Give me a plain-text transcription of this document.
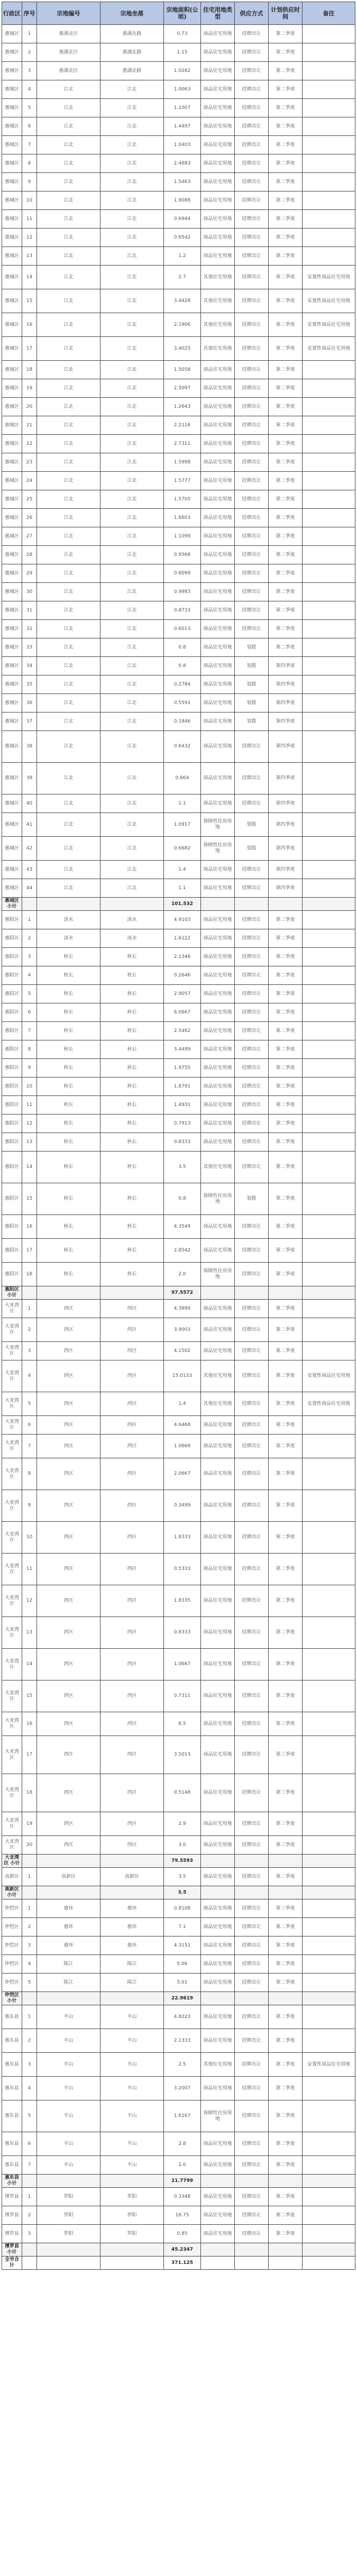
行政区	序号	宗地编号	宗地坐落	宗地面积(公顷)	住宅用地类型	供应方式	计划供应时间	备注
惠城区	1	惠湖北区	惠湖北路	0.73	商品住宅用地	挂牌出让	第二季度	
惠城区	2	惠湖北区	惠湖北路	1.15	商品住宅用地	挂牌出让	第二季度	
惠城区	3	惠湖北区	惠湖北路	1.0282	商品住宅用地	挂牌出让	第二季度	
惠城区	4	江北	江北	1.0063	商品住宅用地	挂牌出让	第二季度	
惠城区	5	江北	江北	1.1007	商品住宅用地	挂牌出让	第二季度	
惠城区	6	江北	江北	1.4497	商品住宅用地	挂牌出让	第二季度	
惠城区	7	江北	江北	1.0403	商品住宅用地	挂牌出让	第二季度	
惠城区	8	江北	江北	2.4683	商品住宅用地	挂牌出让	第二季度	
惠城区	9	江北	江北	1.5463	商品住宅用地	挂牌出让	第二季度	
惠城区	10	江北	江北	1.9088	商品住宅用地	挂牌出让	第二季度	
惠城区	11	江北	江北	0.6944	商品住宅用地	挂牌出让	第二季度	
惠城区	12	江北	江北	0.6542	商品住宅用地	挂牌出让	第二季度	
惠城区	13	江北	江北	1.2	商品住宅用地	挂牌出让	第二季度	
惠城区	14	江北	江北	2.7	其他住宅用地	挂牌出让	第二季度	安置性商品住宅用地
惠城区	15	江北	江北	3.4428	其他住宅用地	挂牌出让	第二季度	安置性商品住宅用地
惠城区	16	江北	江北	2.1906	其他住宅用地	挂牌出让	第二季度	安置性商品住宅用地
惠城区	17	江北	江北	3.4025	其他住宅用地	挂牌出让	第二季度	安置性商品住宅用地
惠城区	18	江北	江北	1.5058	商品住宅用地	挂牌出让	第二季度	
惠城区	19	江北	江北	2.5097	商品住宅用地	挂牌出让	第二季度	
惠城区	20	江北	江北	1.2643	商品住宅用地	挂牌出让	第二季度	
惠城区	21	江北	江北	2.2116	商品住宅用地	挂牌出让	第二季度	
惠城区	22	江北	江北	2.7311	商品住宅用地	挂牌出让	第二季度	
惠城区	23	江北	江北	1.5998	商品住宅用地	挂牌出让	第二季度	
惠城区	24	江北	江北	1.5777	商品住宅用地	挂牌出让	第二季度	
惠城区	25	江北	江北	1.5705	商品住宅用地	挂牌出让	第二季度	
惠城区	26	江北	江北	1.6603	商品住宅用地	挂牌出让	第二季度	
惠城区	27	江北	江北	1.1099	商品住宅用地	挂牌出让	第二季度	
惠城区	28	江北	江北	0.9568	商品住宅用地	挂牌出让	第二季度	
惠城区	29	江北	江北	0.8099	商品住宅用地	挂牌出让	第二季度	
惠城区	30	江北	江北	0.9983	商品住宅用地	挂牌出让	第二季度	
惠城区	31	江北	江北	0.8733	商品住宅用地	挂牌出让	第二季度	
惠城区	32	江北	江北	0.6013	商品住宅用地	挂牌出让	第二季度	
惠城区	33	江北	江北	0.8	商品住宅用地	划拨	第二季度	
惠城区	34	江北	江北	0.8	商品住宅用地	划拨	第四季度	
惠城区	35	江北	江北	0.2784	商品住宅用地	划拨	第四季度	
惠城区	36	江北	江北	0.5591	商品住宅用地	划拨	第四季度	
惠城区	37	江北	江北	0.1846	商品住宅用地	划拨	第四季度	
惠城区	38	江北	江北	0.6432	商品住宅用地	挂牌出让	第四季度	
惠城区	39	江北	江北	0.664	商品住宅用地	挂牌出让	第四季度	
惠城区	40	江北	江北	1.1	商品住宅用地	挂牌出让	第四季度	
惠城区	41	江北	江北	1.0917	保障性住房用地	划拨	第四季度	
惠城区	42	江北	江北	0.6682	保障性住房用地	划拨	第四季度	
惠城区	43	江北	江北	1.4	商品住宅用地	挂牌出让	第四季度	
惠城区	44	江北	江北	1.1	商品住宅用地	挂牌出让	第四季度	
惠城区 小计				101.532				
惠阳区	1	淡水	淡水	4.9103	商品住宅用地	挂牌出让	第二季度	
惠阳区	2	淡水	淡水	1.6122	商品住宅用地	挂牌出让	第二季度	
惠阳区	3	秋长	秋长	2.1346	商品住宅用地	挂牌出让	第二季度	
惠阳区	4	秋长	秋长	0.2646	商品住宅用地	挂牌出让	第二季度	
惠阳区	5	秋长	秋长	2.9057	商品住宅用地	挂牌出让	第二季度	
惠阳区	6	秋长	秋长	6.0667	商品住宅用地	挂牌出让	第二季度	
惠阳区	7	秋长	秋长	2.5462	商品住宅用地	挂牌出让	第二季度	
惠阳区	8	秋长	秋长	3.4499	商品住宅用地	挂牌出让	第二季度	
惠阳区	9	秋长	秋长	1.9755	商品住宅用地	挂牌出让	第二季度	
惠阳区	10	秋长	秋长	1.8791	商品住宅用地	挂牌出让	第二季度	
惠阳区	11	秋长	秋长	1.4931	商品住宅用地	挂牌出让	第二季度	
惠阳区	12	秋长	秋长	0.7913	商品住宅用地	挂牌出让	第二季度	
惠阳区	13	秋长	秋长	0.8333	商品住宅用地	挂牌出让	第二季度	
惠阳区	14	秋长	秋长	3.5	其他住宅用地	挂牌出让	第二季度	
惠阳区	15	秋长	秋长	0.8	保障性住房用地	划拨	第二季度	
惠阳区	16	秋长	秋长	4.3549	商品住宅用地	挂牌出让	第二季度	
惠阳区	17	秋长	秋长	2.8542	商品住宅用地	挂牌出让	第二季度	
惠阳区	18	秋长	秋长	2.0	保障性住房用地	挂牌出让	第二季度	
惠阳区 小计				97.5572				
大亚湾区	1	西区	西区	4.3999	商品住宅用地	挂牌出让	第二季度	
大亚湾区	2	西区	西区	3.9003	商品住宅用地	挂牌出让	第二季度	
大亚湾区	3	西区	西区	4.1502	商品住宅用地	挂牌出让	第二季度	
大亚湾区	4	西区	西区	15.0133	其他住宅用地	挂牌出让	第二季度	安置性商品住宅用地
大亚湾区	5	西区	西区	1.4	其他住宅用地	挂牌出让	第二季度	安置性商品住宅用地
大亚湾区	6	西区	西区	4.6468	商品住宅用地	挂牌出让	第二季度	
大亚湾区	7	西区	西区	1.0668	商品住宅用地	挂牌出让	第二季度	
大亚湾区	8	西区	西区	2.0667	商品住宅用地	挂牌出让	第二季度	
大亚湾区	9	西区	西区	0.3499	商品住宅用地	挂牌出让	第二季度	
大亚湾区	10	西区	西区	1.8333	商品住宅用地	挂牌出让	第二季度	
大亚湾区	11	西区	西区	0.5333	商品住宅用地	挂牌出让	第二季度	
大亚湾区	12	西区	西区	1.8335	商品住宅用地	挂牌出让	第二季度	
大亚湾区	13	西区	西区	0.8333	商品住宅用地	挂牌出让	第二季度	
大亚湾区	14	西区	西区	1.0667	商品住宅用地	挂牌出让	第二季度	
大亚湾区	15	西区	西区	0.7311	商品住宅用地	挂牌出让	第二季度	
大亚湾区	16	西区	西区	6.5	商品住宅用地	挂牌出让	第三季度	
大亚湾区	17	西区	西区	3.5013	商品住宅用地	挂牌出让	第三季度	
大亚湾区	18	西区	西区	0.5148	商品住宅用地	挂牌出让	第三季度	
大亚湾区	19	西区	西区	2.9	商品住宅用地	挂牌出让	第三季度	
大亚湾区	20	西区	西区	3.0	商品住宅用地	挂牌出让	第三季度	
大亚湾区 小计				79.5593				
高新区	1	高新区	高新区	3.5	商品住宅用地	挂牌出让	第二季度	
高新区 小计				3.5				
仲恺区	1	惠环	惠环	0.8108	商品住宅用地	挂牌出让	第三季度	
仲恺区	2	惠环	惠环	7.1	商品住宅用地	挂牌出让	第二季度	
仲恺区	3	惠环	惠环	4.3151	商品住宅用地	挂牌出让	第二季度	
仲恺区	4	陈江	陈江	5.06	商品住宅用地	挂牌出让	第二季度	
仲恺区	5	陈江	陈江	5.01	商品住宅用地	挂牌出让	第二季度	
仲恺区 小计				22.9619				
惠东县	1	平山	平山	4.8223	商品住宅用地	挂牌出让	第二季度	
惠东县	2	平山	平山	2.1333	商品住宅用地	挂牌出让	第二季度	
惠东县	3	平山	平山	2.5	其他住宅用地	挂牌出让	第二季度	安置性商品住宅用地
惠东县	4	平山	平山	3.2007	商品住宅用地	挂牌出让	第二季度	
惠东县	5	平山	平山	1.6167	保障性住房用地	挂牌出让	第二季度	
惠东县	6	平山	平山	2.8	商品住宅用地	挂牌出让	第二季度	
惠东县	7	平山	平山	2.0	商品住宅用地	挂牌出让	第二季度	
惠东县 小计				21.7799				
博罗县	1	罗阳	罗阳	0.3348	商品住宅用地	挂牌出让	第二季度	
博罗县	2	罗阳	罗阳	16.75	商品住宅用地	挂牌出让	第二季度	
博罗县	3	罗阳	罗阳	0.85	商品住宅用地	挂牌出让	第二季度	
博罗县 小计				45.2347				
全市合计				371.125				
